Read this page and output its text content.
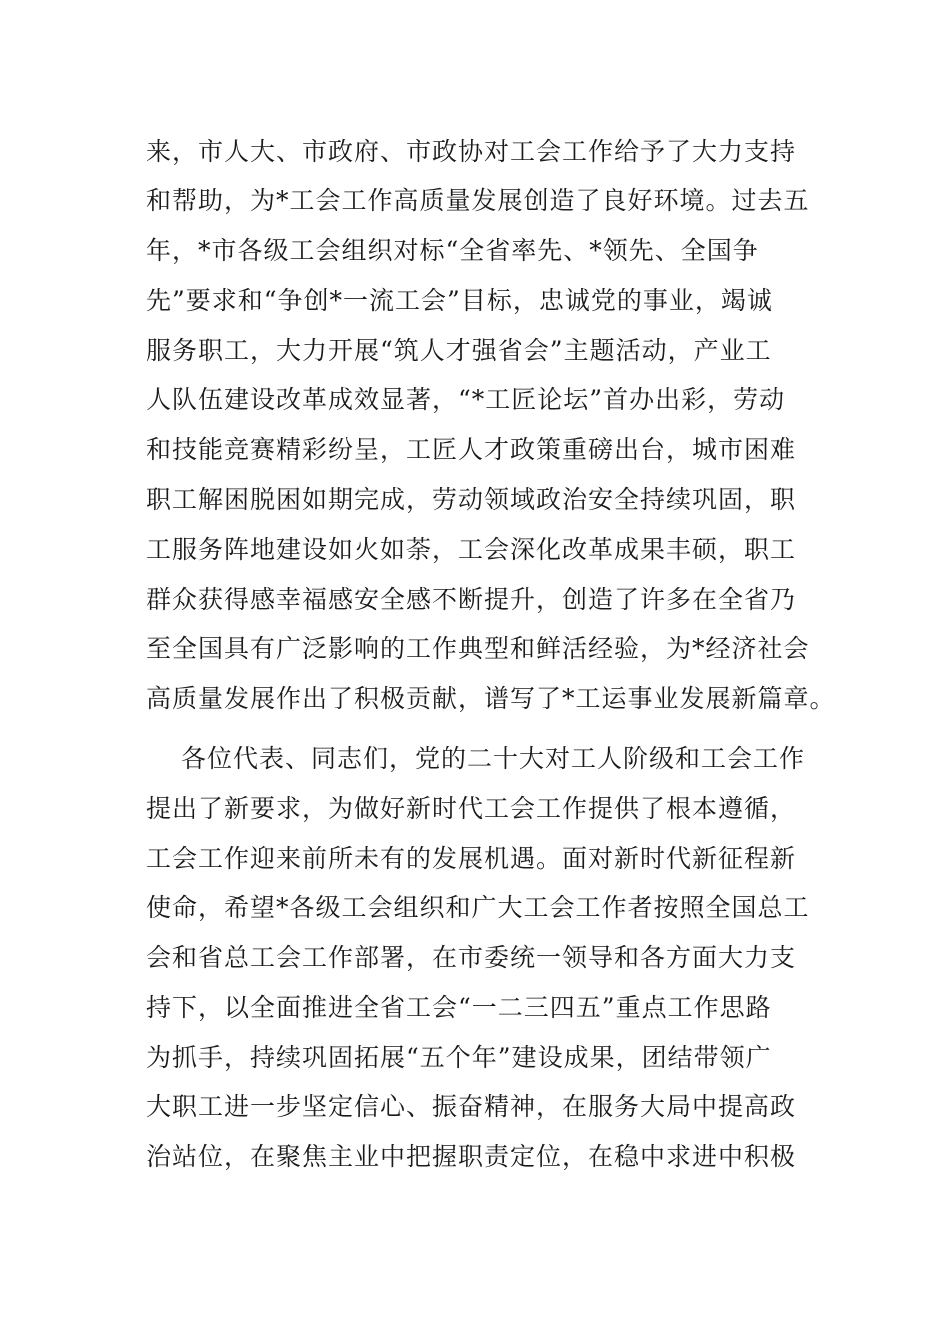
来，市人大、市政府、市政协对工会工作给予了大力支持
和帮助，为*工会工作高质量发展创造了良好环境。过去五
年，*市各级工会组织对标“全省率先、*领先、全国争
先”要求和“争创*一流工会”目标，忠诚党的事业，竭诚
服务职工，大力开展“筑人才强省会”主题活动，产业工
人队伍建设改革成效显著，“*工匠论坛”首办出彩，劳动
和技能竞赛精彩纷呈，工匠人才政策重磅出台，城市困难
职工解困脱困如期完成，劳动领域政治安全持续巩固，职
工服务阵地建设如火如荼，工会深化改革成果丰硕，职工
群众获得感幸福感安全感不断提升，创造了许多在全省乃
至全国具有广泛影响的工作典型和鲜活经验，为*经济社会
高质量发展作出了积极贡献，谱写了*工运事业发展新篇章。
各位代表、同志们，党的二十大对工人阶级和工会工作
提出了新要求，为做好新时代工会工作提供了根本遵循，
工会工作迎来前所未有的发展机遇。面对新时代新征程新
使命，希望*各级工会组织和广大工会工作者按照全国总工
会和省总工会工作部署，在市委统一领导和各方面大力支
持下，以全面推进全省工会“一二三四五”重点工作思路
为抓手，持续巩固拓展“五个年”建设成果，团结带领广
大职工进一步坚定信心、振奋精神，在服务大局中提高政
治站位，在聚焦主业中把握职责定位，在稳中求进中积极
